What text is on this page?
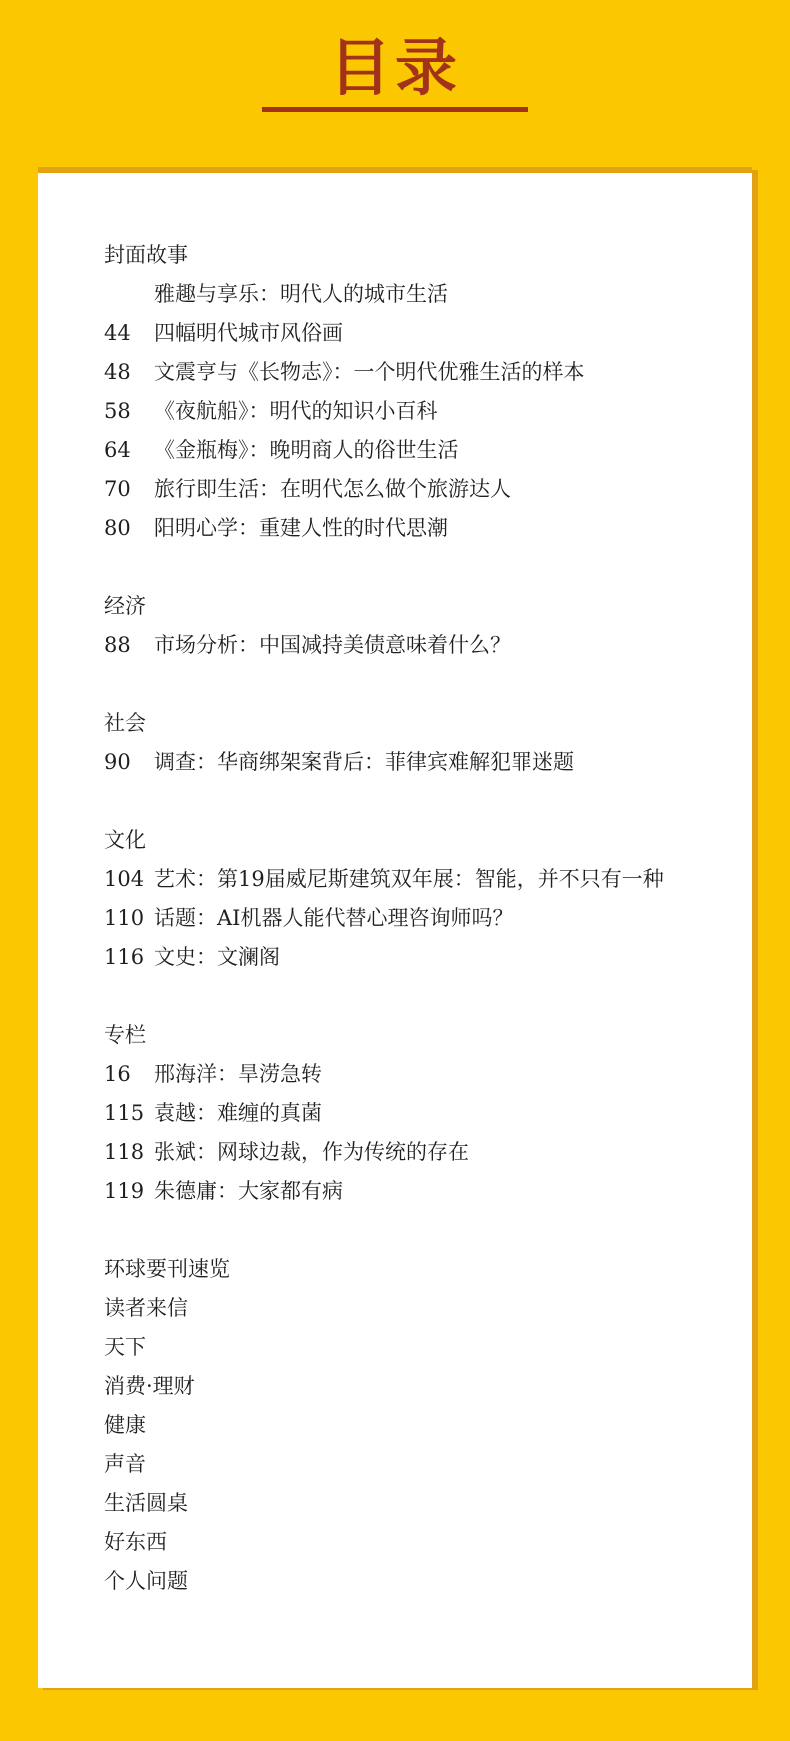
目录
封面故事
雅趣与享乐：明代人的城市生活
44	四幅明代城市风俗画
48	文震亨与《长物志》：一个明代优雅生活的样本
58	《夜航船》：明代的知识小百科
64	《金瓶梅》：晚明商人的俗世生活
70	旅行即生活：在明代怎么做个旅游达人
80	阳明心学：重建人性的时代思潮
经济
88	市场分析：中国减持美债意味着什么？
社会
90	调查：华商绑架案背后：菲律宾难解犯罪迷题
文化
104 艺术：第19届威尼斯建筑双年展：智能，并不只有一种
110 话题：AI机器人能代替心理咨询师吗？
116 文史：文澜阁
专栏
16	邢海洋：旱涝急转
115 袁越：难缠的真菌
118 张斌：网球边裁，作为传统的存在
119 朱德庸：大家都有病
环球要刊速览
读者来信
天下
消费·理财
健康
声音
生活圆桌
好东西
个人问题
